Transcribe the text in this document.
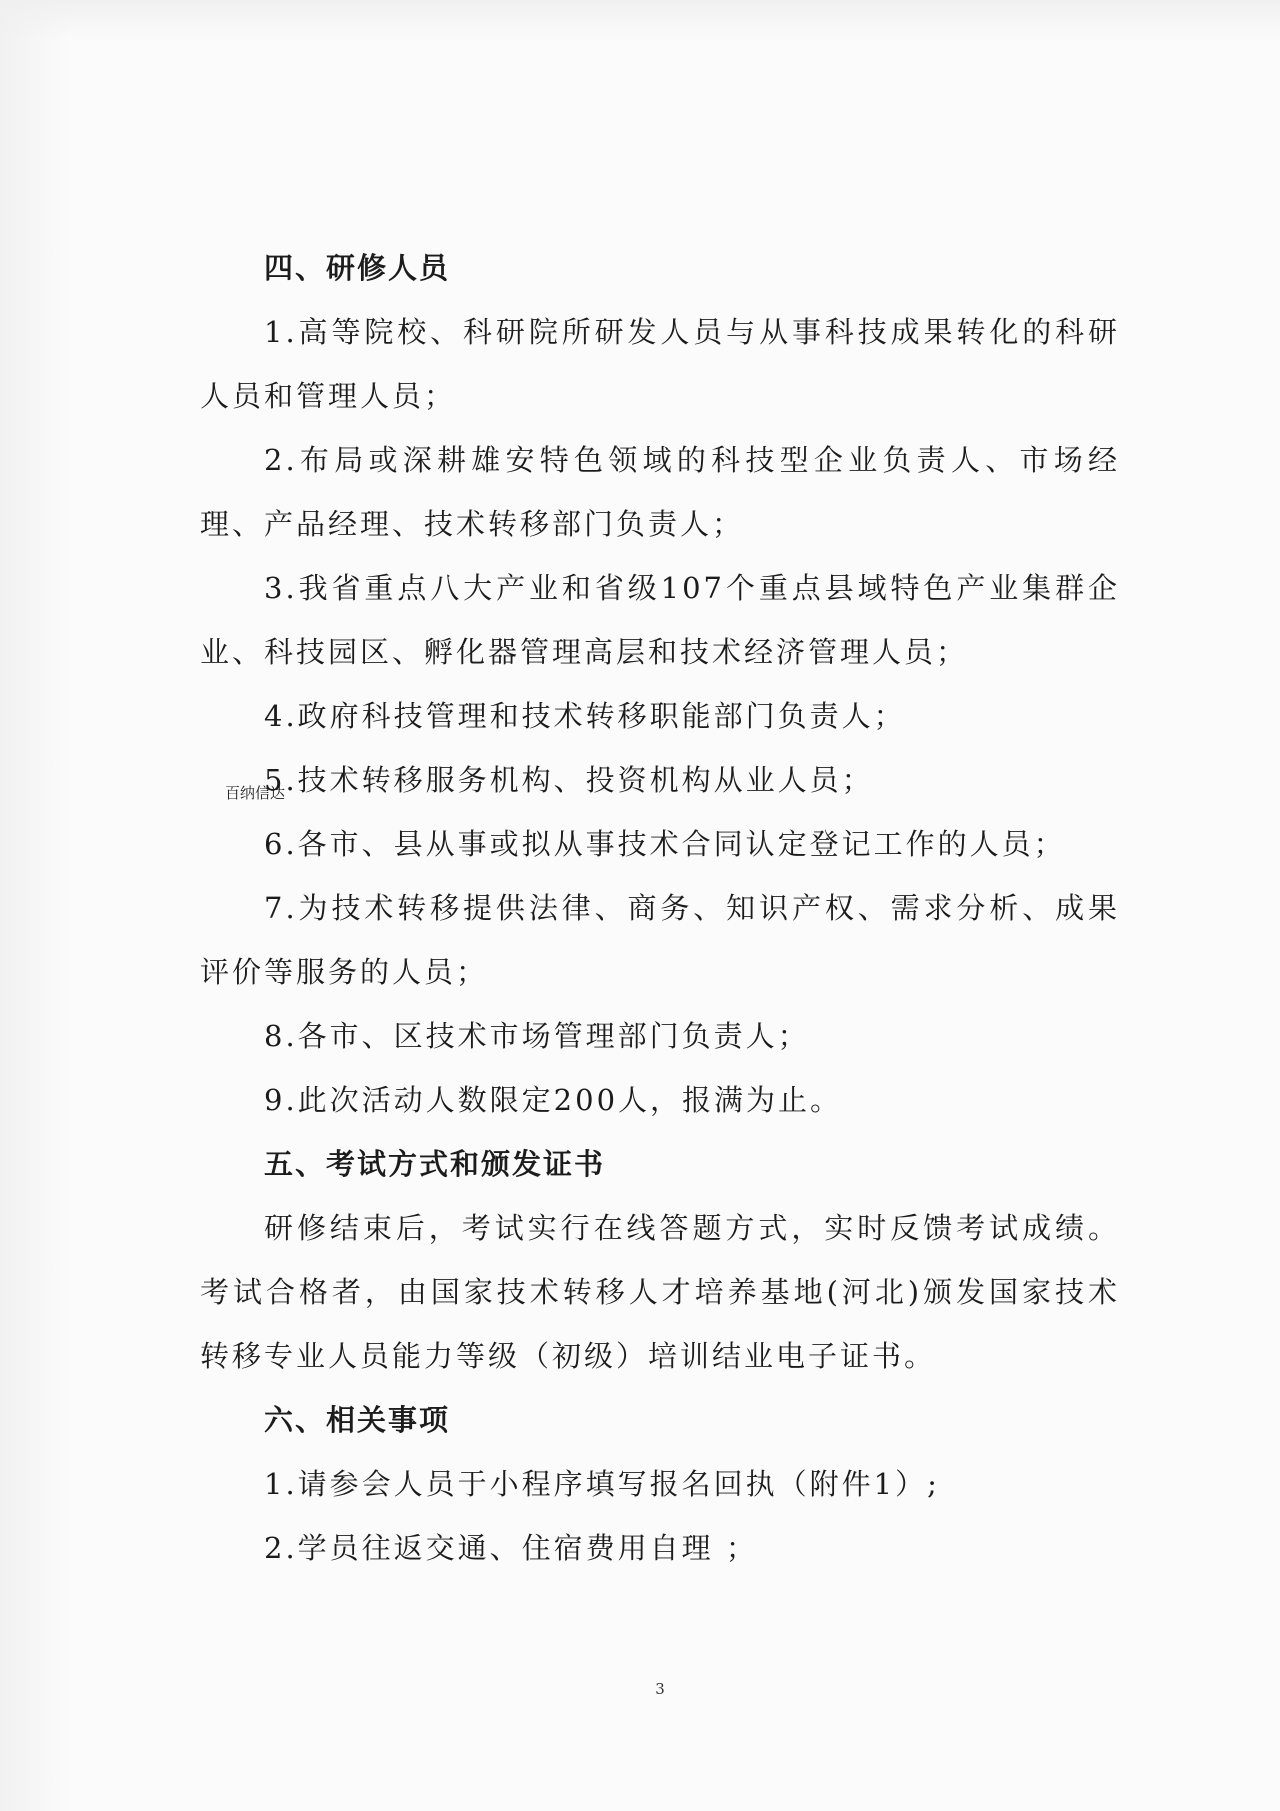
四、研修人员

1.高等院校、科研院所研发人员与从事科技成果转化的科研人员和管理人员；

2.布局或深耕雄安特色领域的科技型企业负责人、市场经理、产品经理、技术转移部门负责人；

3.我省重点八大产业和省级107个重点县域特色产业集群企业、科技园区、孵化器管理高层和技术经济管理人员；

4.政府科技管理和技术转移职能部门负责人；

5.技术转移服务机构、投资机构从业人员；

6.各市、县从事或拟从事技术合同认定登记工作的人员；

7.为技术转移提供法律、商务、知识产权、需求分析、成果评价等服务的人员；

8.各市、区技术市场管理部门负责人；

9.此次活动人数限定200人，报满为止。

五、考试方式和颁发证书

研修结束后，考试实行在线答题方式，实时反馈考试成绩。考试合格者，由国家技术转移人才培养基地(河北)颁发国家技术转移专业人员能力等级（初级）培训结业电子证书。

六、相关事项

1.请参会人员于小程序填写报名回执（附件1）;

2.学员往返交通、住宿费用自理 ；

百纳信达
3
